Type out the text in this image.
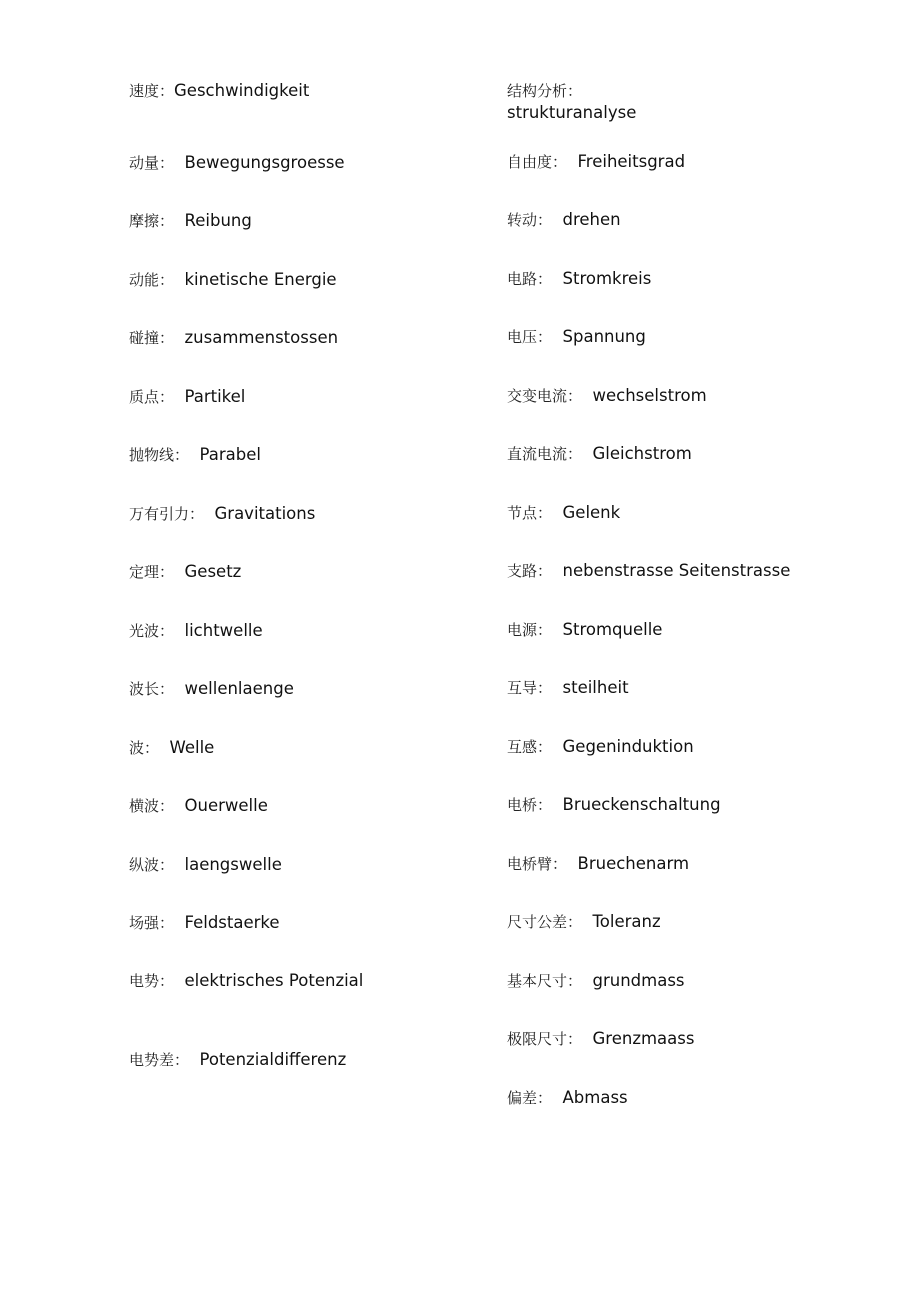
速度：Geschwindigkeit
动量：  Bewegungsgroesse
摩擦：  Reibung
动能：  kinetische Energie
碰撞：  zusammenstossen
质点：  Partikel
抛物线：  Parabel
万有引力：  Gravitations
定理：  Gesetz
光波：  lichtwelle
波长：  wellenlaenge
波：  Welle
横波：  Ouerwelle
纵波：  laengswelle
场强：  Feldstaerke
电势：  elektrisches Potenzial
电势差：  Potenzialdifferenz
结构分析：strukturanalyse
自由度：  Freiheitsgrad
转动：  drehen
电路：  Stromkreis
电压：  Spannung
交变电流：  wechselstrom
直流电流：  Gleichstrom
节点：  Gelenk
支路：  nebenstrasse Seitenstrasse
电源：  Stromquelle
互导：  steilheit
互感：  Gegeninduktion
电桥：  Brueckenschaltung
电桥臂：  Bruechenarm
尺寸公差：  Toleranz
基本尺寸：  grundmass
极限尺寸：  Grenzmaass
偏差：  Abmass
